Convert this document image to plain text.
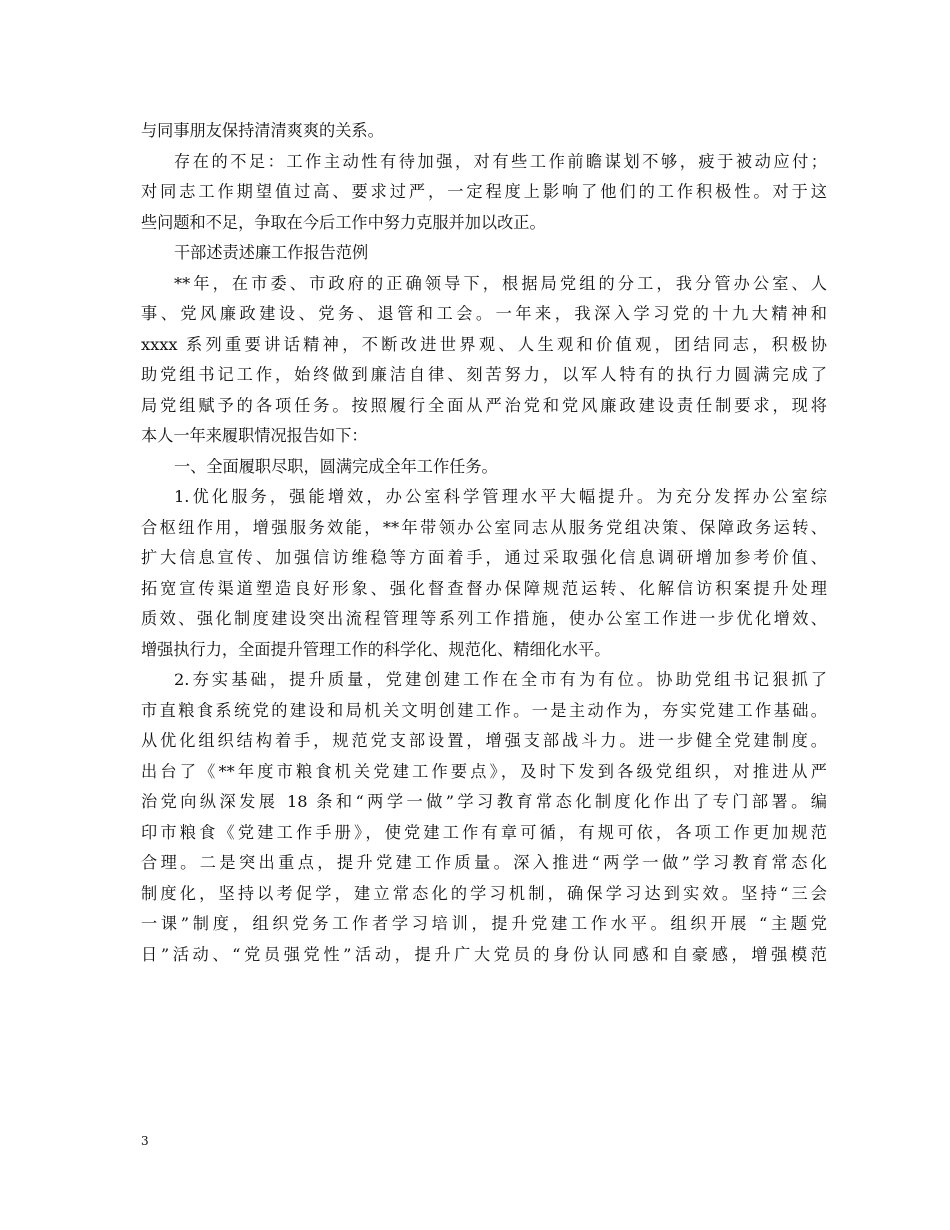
与同事朋友保持清清爽爽的关系。
存在的不足：工作主动性有待加强，对有些工作前瞻谋划不够，疲于被动应付；
对同志工作期望值过高、要求过严，一定程度上影响了他们的工作积极性。对于这
些问题和不足，争取在今后工作中努力克服并加以改正。
干部述责述廉工作报告范例
**年，在市委、市政府的正确领导下，根据局党组的分工，我分管办公室、人
事、党风廉政建设、党务、退管和工会。一年来，我深入学习党的十九大精神和
xxxx 系列重要讲话精神，不断改进世界观、人生观和价值观，团结同志，积极协
助党组书记工作，始终做到廉洁自律、刻苦努力，以军人特有的执行力圆满完成了
局党组赋予的各项任务。按照履行全面从严治党和党风廉政建设责任制要求，现将
本人一年来履职情况报告如下：
一、全面履职尽职，圆满完成全年工作任务。
1.优化服务，强能增效，办公室科学管理水平大幅提升。为充分发挥办公室综
合枢纽作用，增强服务效能，**年带领办公室同志从服务党组决策、保障政务运转、
扩大信息宣传、加强信访维稳等方面着手，通过采取强化信息调研增加参考价值、
拓宽宣传渠道塑造良好形象、强化督查督办保障规范运转、化解信访积案提升处理
质效、强化制度建设突出流程管理等系列工作措施，使办公室工作进一步优化增效、
增强执行力，全面提升管理工作的科学化、规范化、精细化水平。
2.夯实基础，提升质量，党建创建工作在全市有为有位。协助党组书记狠抓了
市直粮食系统党的建设和局机关文明创建工作。一是主动作为，夯实党建工作基础。
从优化组织结构着手，规范党支部设置，增强支部战斗力。进一步健全党建制度。
出台了《**年度市粮食机关党建工作要点》，及时下发到各级党组织，对推进从严
治党向纵深发展 18 条和“两学一做”学习教育常态化制度化作出了专门部署。编
印市粮食《党建工作手册》，使党建工作有章可循，有规可依，各项工作更加规范
合理。二是突出重点，提升党建工作质量。深入推进“两学一做”学习教育常态化
制度化，坚持以考促学，建立常态化的学习机制，确保学习达到实效。坚持“三会
一课”制度，组织党务工作者学习培训，提升党建工作水平。组织开展 “主题党
日”活动、“党员强党性”活动，提升广大党员的身份认同感和自豪感，增强模范
3
